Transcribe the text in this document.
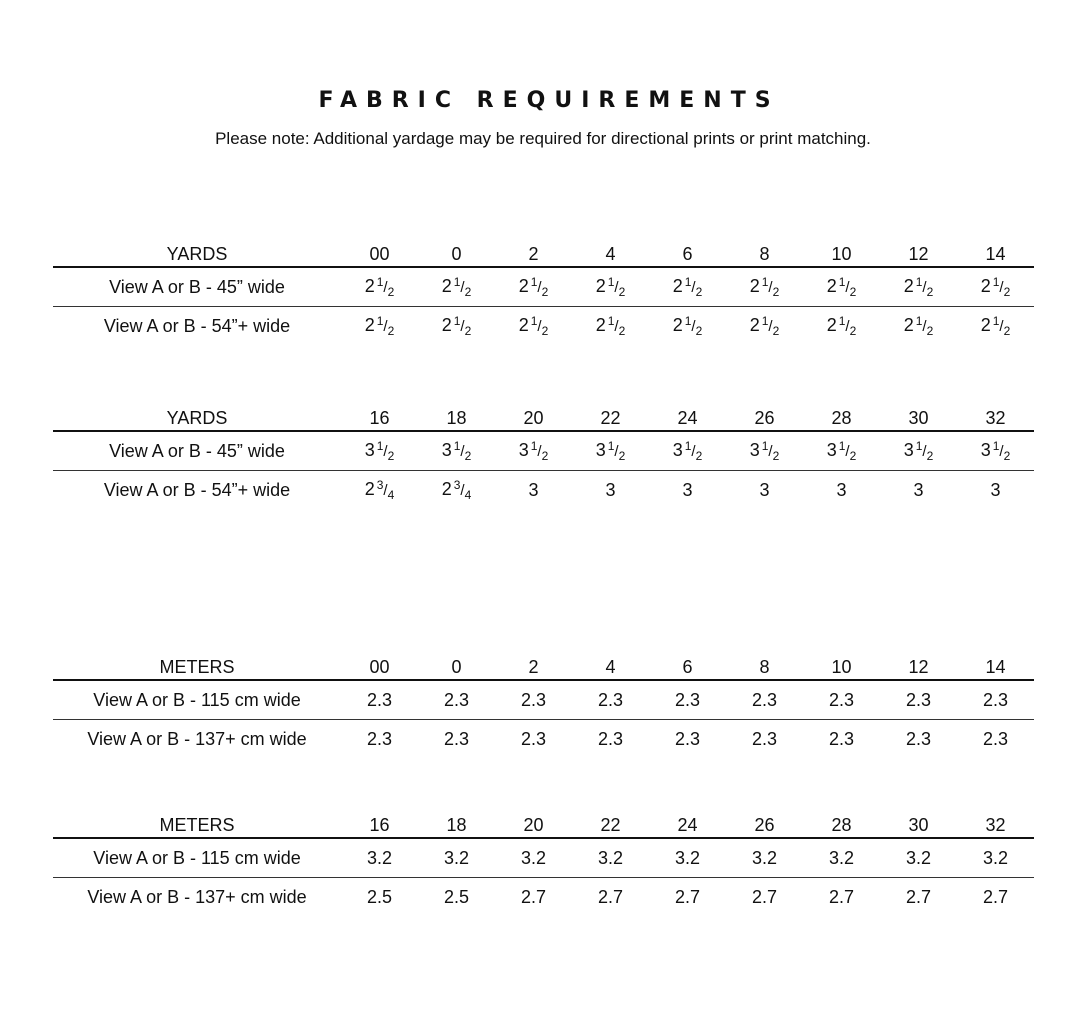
FABRIC REQUIREMENTS

Please note: Additional yardage may be required for directional prints or print matching.

YARDS	00	0	2	4	6	8	10	12	14
View A or B - 45” wide	2 $^1/_2$	2 $^1/_2$	2 $^1/_2$	2 $^1/_2$	2 $^1/_2$	2 $^1/_2$	2 $^1/_2$	2 $^1/_2$	2 $^1/_2$
View A or B - 54”+ wide	2 $^1/_2$	2 $^1/_2$	2 $^1/_2$	2 $^1/_2$	2 $^1/_2$	2 $^1/_2$	2 $^1/_2$	2 $^1/_2$	2 $^1/_2$
YARDS	16	18	20	22	24	26	28	30	32
View A or B - 45” wide	3 $^1/_2$	3 $^1/_2$	3 $^1/_2$	3 $^1/_2$	3 $^1/_2$	3 $^1/_2$	3 $^1/_2$	3 $^1/_2$	3 $^1/_2$
View A or B - 54”+ wide	2 $^3/_4$	2 $^3/_4$	3	3	3	3	3	3	3
METERS	00	0	2	4	6	8	10	12	14
View A or B - 115 cm wide	2.3	2.3	2.3	2.3	2.3	2.3	2.3	2.3	2.3
View A or B - 137+ cm wide	2.3	2.3	2.3	2.3	2.3	2.3	2.3	2.3	2.3
METERS	16	18	20	22	24	26	28	30	32
View A or B - 115 cm wide	3.2	3.2	3.2	3.2	3.2	3.2	3.2	3.2	3.2
View A or B - 137+ cm wide	2.5	2.5	2.7	2.7	2.7	2.7	2.7	2.7	2.7
